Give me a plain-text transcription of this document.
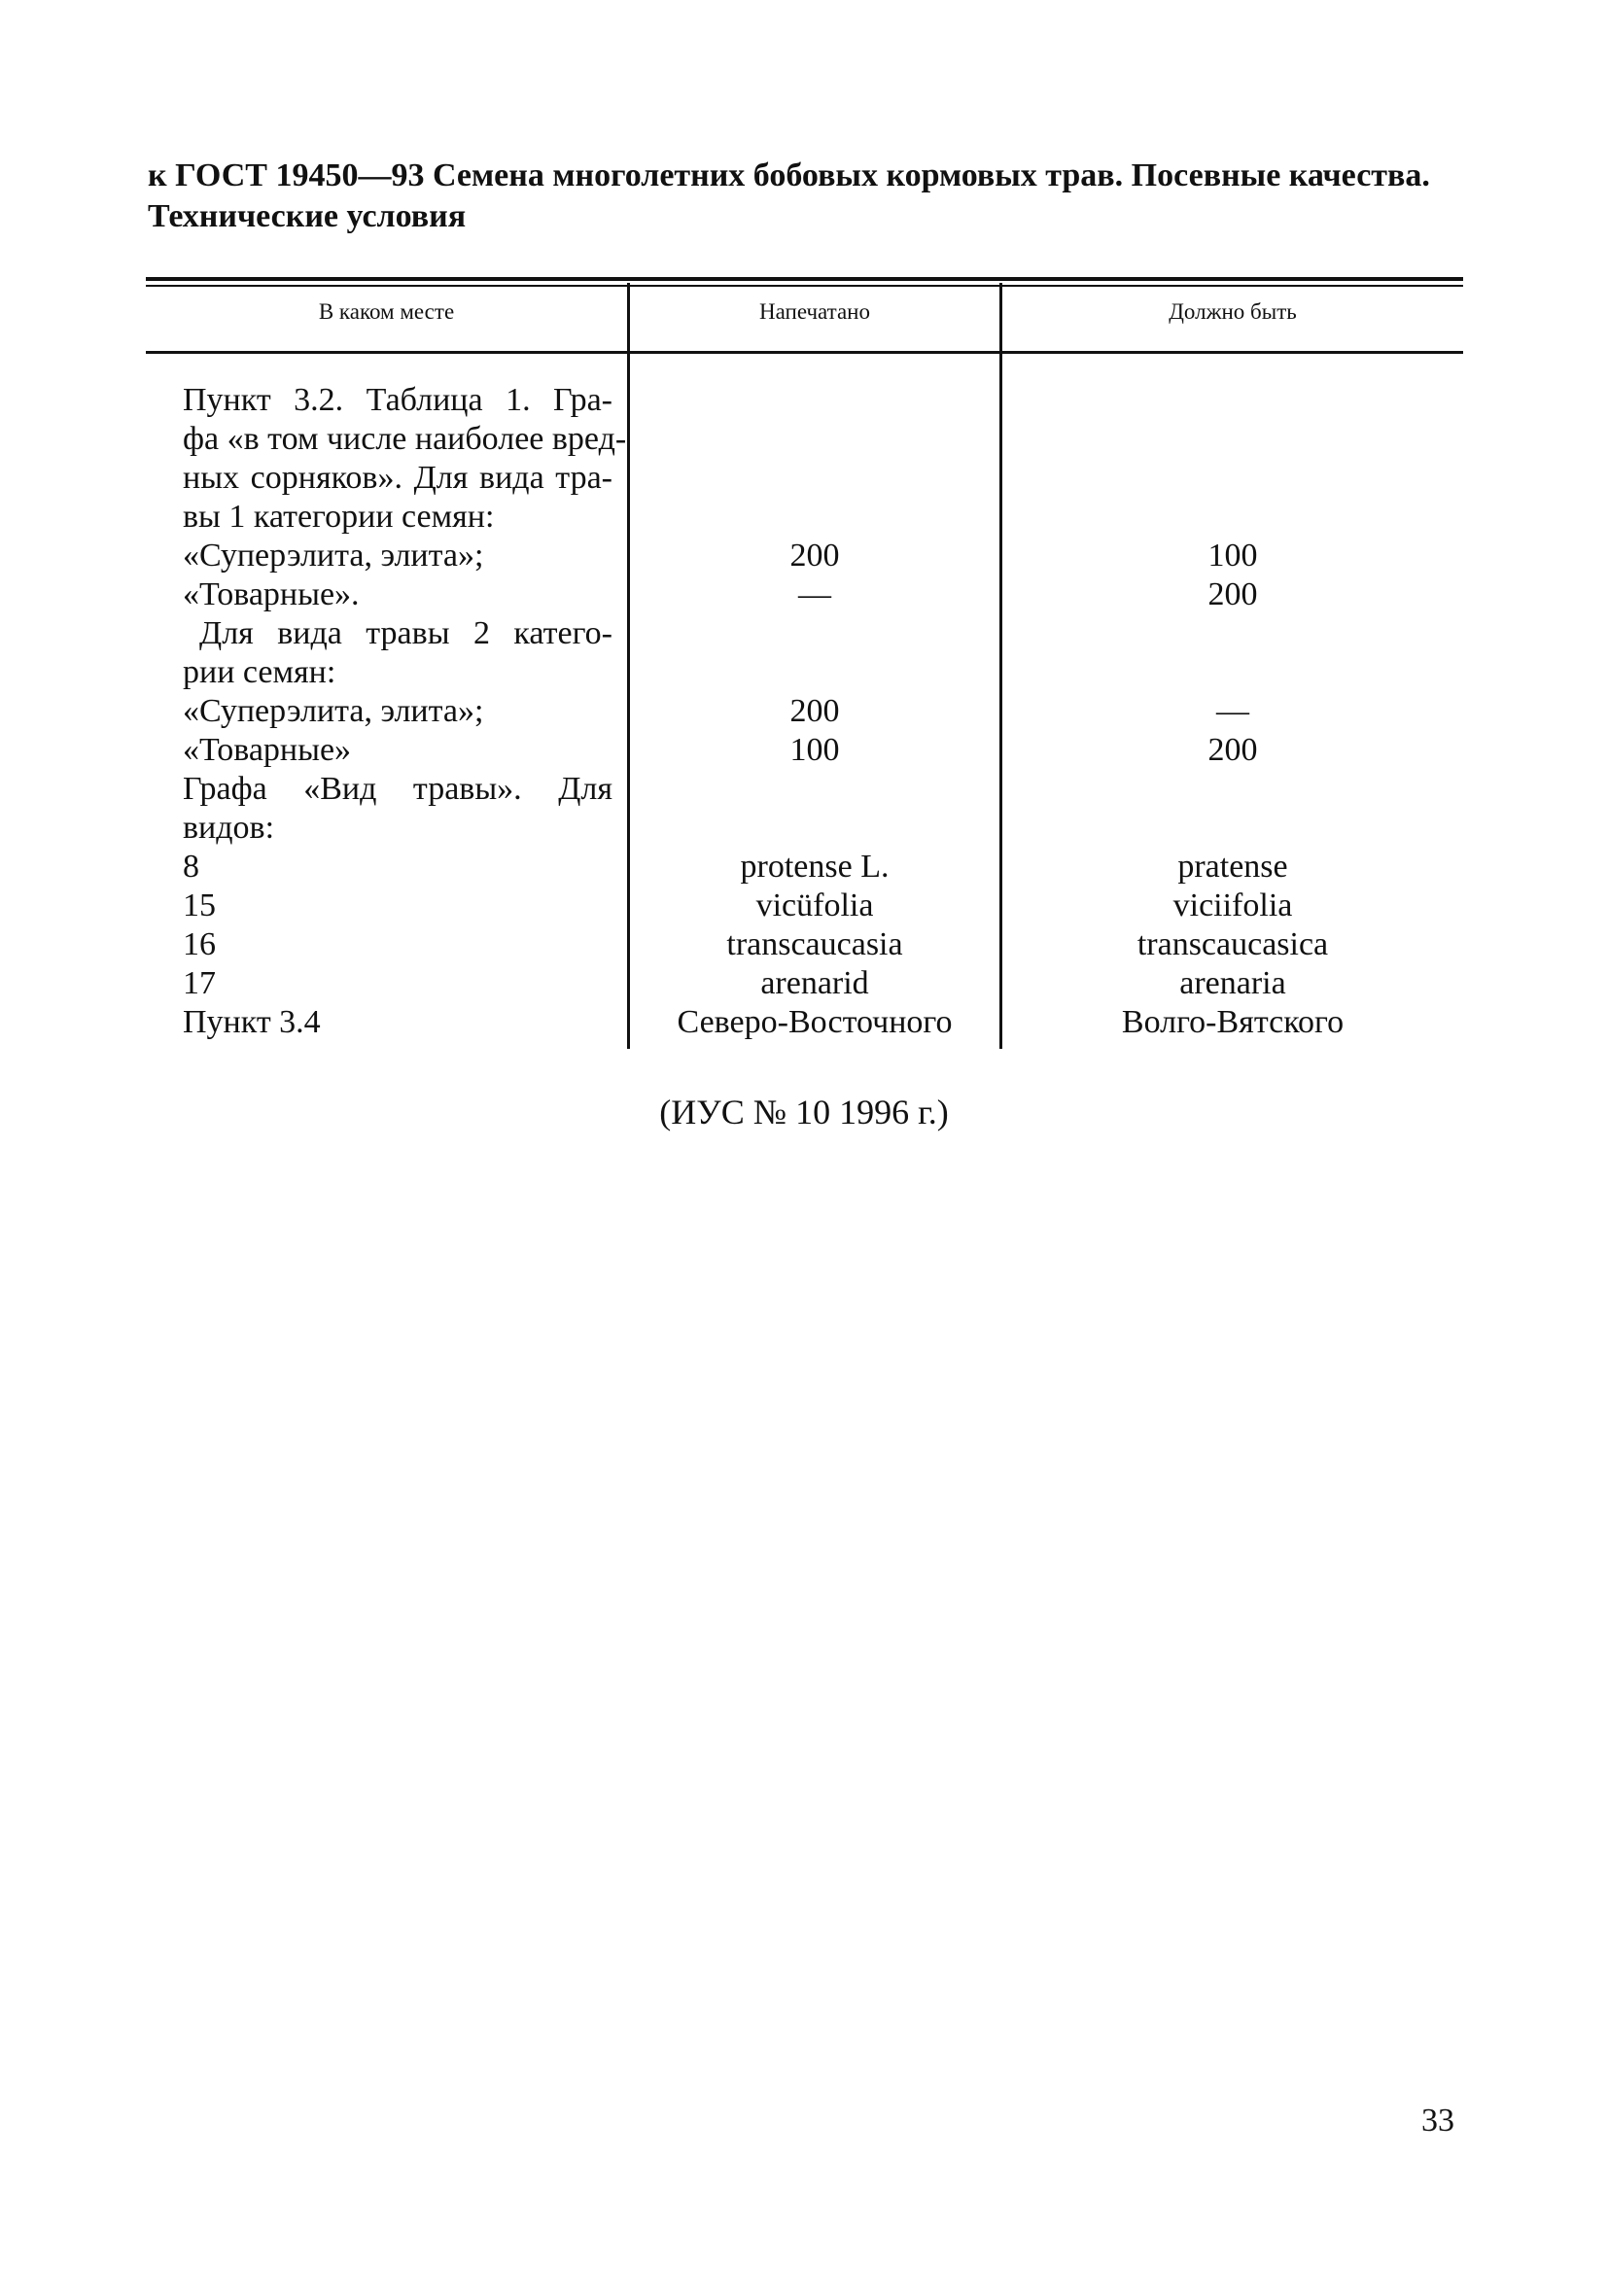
к ГОСТ 19450—93 Семена многолетних бобовых кормовых трав. Посевные качества.
Технические условия
В каком месте	Напечатано	Должно быть
Пункт 3.2. Таблица 1. Гра-
фа «в том числе наиболее вред-
ных сорняков». Для вида тра-
вы 1 категории семян:
«Суперэлита, элита»;
«Товарные».
Для вида травы 2 катего-
рии семян:
«Суперэлита, элита»;
«Товарные»
Графа «Вид травы». Для
видов:
8
15
16
17
Пункт 3.4
200
—
200
100
protense L.
vicüfolia
transcaucasia
arenarid
Северо-Восточного
100
200
—
200
pratense
viciifolia
transcaucasica
arenaria
Волго-Вятского
(ИУС № 10 1996 г.)
33
